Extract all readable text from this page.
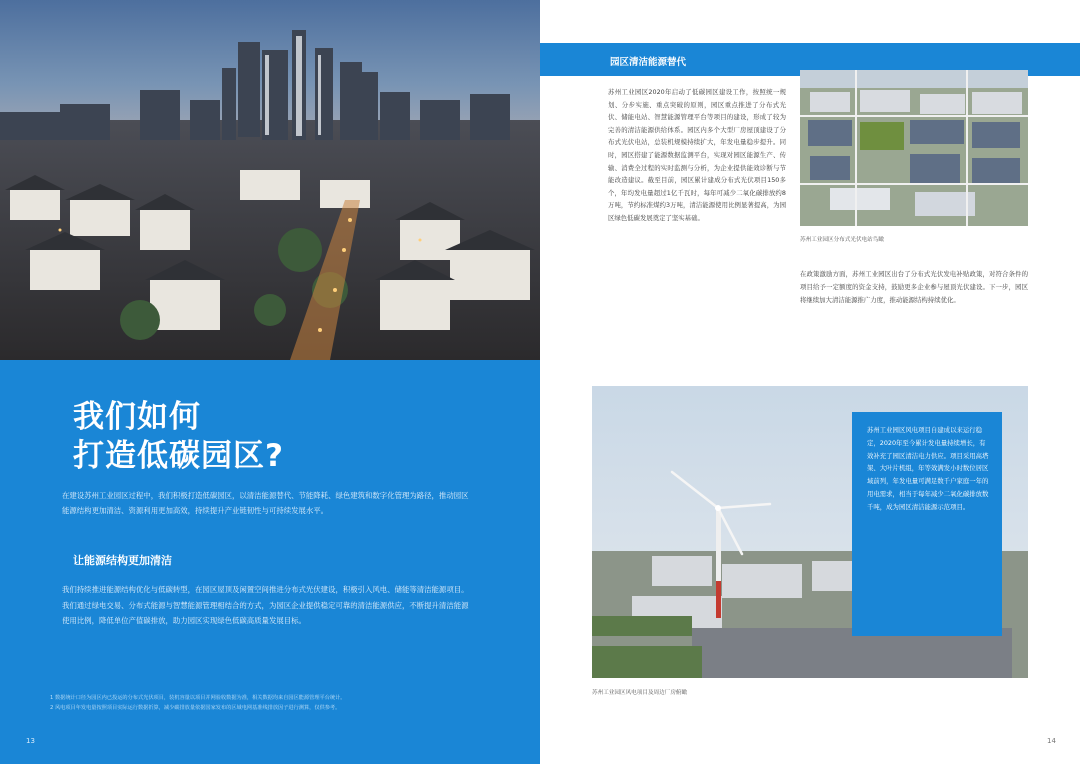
我们如何
打造低碳园区?
在建设苏州工业园区过程中，我们积极打造低碳园区，以清洁能源替代、节能降耗、绿色建筑和数字化管理为路径，推动园区能源结构更加清洁、资源利用更加高效，持续提升产业链韧性与可持续发展水平。
让能源结构更加清洁
我们持续推进能源结构优化与低碳转型，在园区屋顶及闲置空间推进分布式光伏建设，积极引入风电、储能等清洁能源项目。我们通过绿电交易、分布式能源与智慧能源管理相结合的方式，为园区企业提供稳定可靠的清洁能源供应，不断提升清洁能源使用比例，降低单位产值碳排放，助力园区实现绿色低碳高质量发展目标。
1 数据统计口径为园区内已投运的分布式光伏项目，装机容量以项目并网验收数据为准，相关数据均来自园区能源管理平台统计。
2 风电项目年发电量按照项目实际运行数据折算，减少碳排放量依据国家发布的区域电网基准线排放因子进行测算，仅供参考。
13
园区清洁能源替代
苏州工业园区分布式光伏电站鸟瞰
苏州工业园区2020年启动了低碳园区建设工作，按照统一规划、分步实施、重点突破的原则，园区重点推进了分布式光伏、储能电站、智慧能源管理平台等项目的建设，形成了较为完善的清洁能源供给体系。园区内多个大型厂房屋顶建设了分布式光伏电站，总装机规模持续扩大，年发电量稳步提升。同时，园区搭建了能源数据监测平台，实现对园区能源生产、传输、消费全过程的实时监测与分析，为企业提供能效诊断与节能改造建议。截至目前，园区累计建成分布式光伏项目150多个，年均发电量超过1亿千瓦时，每年可减少二氧化碳排放约8万吨，节约标准煤约3万吨，清洁能源使用比例显著提高，为园区绿色低碳发展奠定了坚实基础。
在政策激励方面，苏州工业园区出台了分布式光伏发电补贴政策，对符合条件的项目给予一定额度的资金支持，鼓励更多企业参与屋顶光伏建设。下一步，园区将继续加大清洁能源推广力度，推动能源结构持续优化。
苏州工业园区风电项目自建成以来运行稳定，2020年至今累计发电量持续增长，有效补充了园区清洁电力供应。项目采用高塔架、大叶片机组，年等效满发小时数位居区域前列，年发电量可满足数千户家庭一年的用电需求，相当于每年减少二氧化碳排放数千吨，成为园区清洁能源示范项目。
苏州工业园区风电项目及周边厂房俯瞰
14
